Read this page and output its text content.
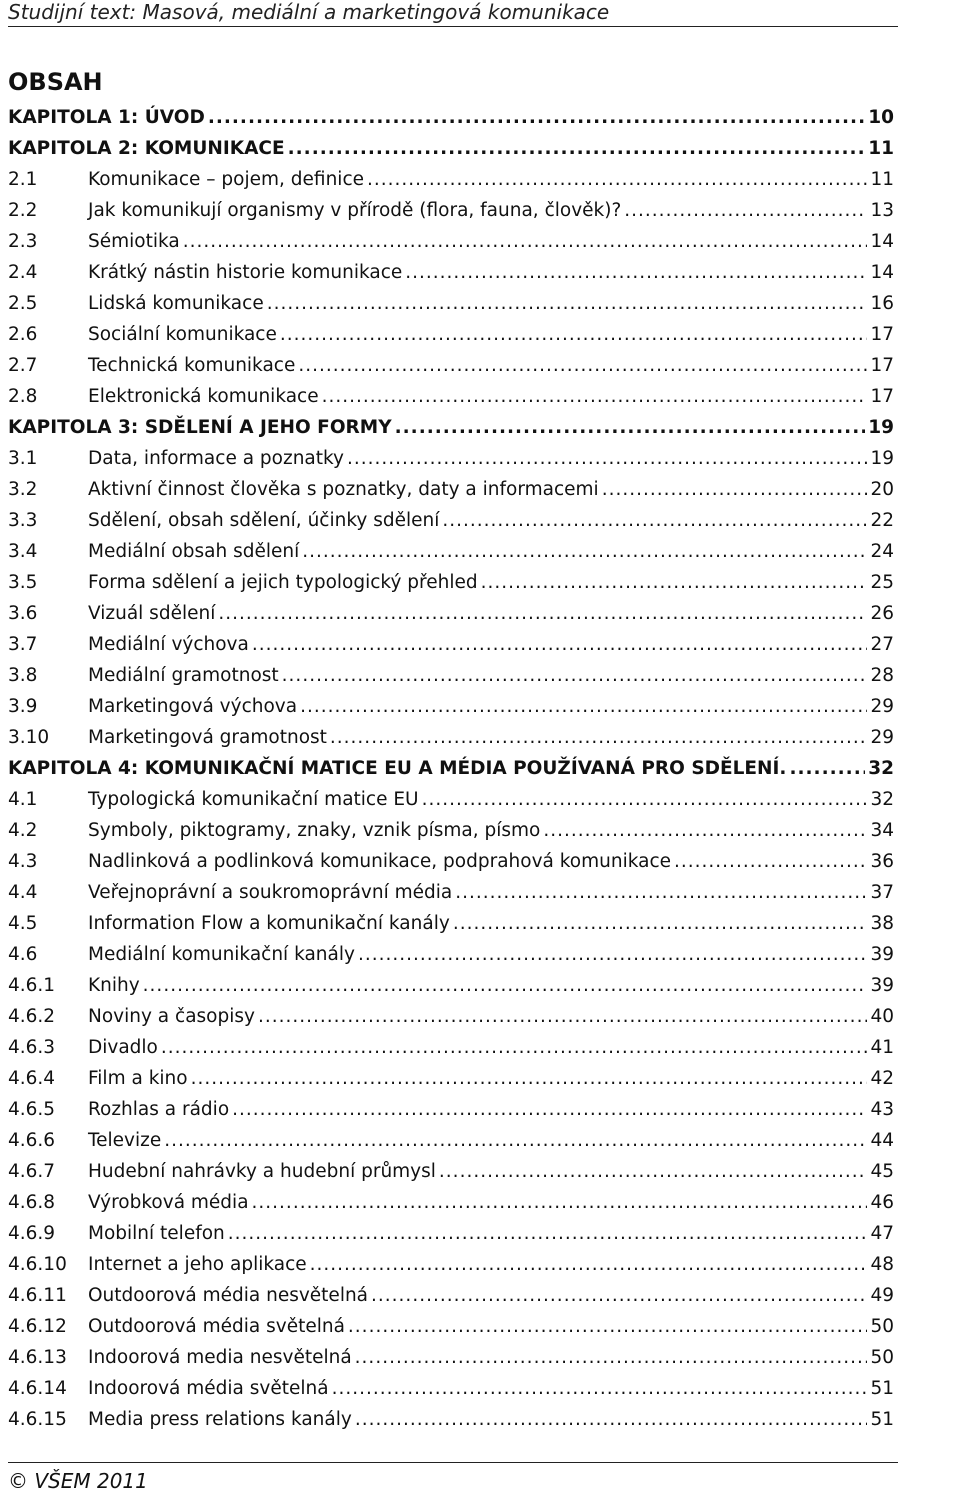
Studijní text: Masová, mediální a marketingová komunikace
OBSAH
KAPITOLA 1: ÚVOD .....	10
KAPITOLA 2: KOMUNIKACE .....	11
2.1	Komunikace – pojem, definice .....	11
2.2	Jak komunikují organismy v přírodě (flora, fauna, člověk)? .....	13
2.3	Sémiotika .....	14
2.4	Krátký nástin historie komunikace .....	14
2.5	Lidská komunikace .....	16
2.6	Sociální komunikace .....	17
2.7	Technická komunikace .....	17
2.8	Elektronická komunikace .....	17
KAPITOLA 3: SDĚLENÍ A JEHO FORMY .....	19
3.1	Data, informace a poznatky .....	19
3.2	Aktivní činnost člověka s poznatky, daty a informacemi .....	20
3.3	Sdělení, obsah sdělení, účinky sdělení .....	22
3.4	Mediální obsah sdělení .....	24
3.5	Forma sdělení a jejich typologický přehled .....	25
3.6	Vizuál sdělení .....	26
3.7	Mediální výchova .....	27
3.8	Mediální gramotnost .....	28
3.9	Marketingová výchova .....	29
3.10	Marketingová gramotnost .....	29
KAPITOLA 4: KOMUNIKAČNÍ MATICE EU A MÉDIA POUŽÍVANÁ PRO SDĚLENÍ. .....	32
4.1	Typologická komunikační matice EU .....	32
4.2	Symboly, piktogramy, znaky, vznik písma, písmo .....	34
4.3	Nadlinková a podlinková komunikace, podprahová komunikace .....	36
4.4	Veřejnoprávní a soukromoprávní média .....	37
4.5	Information Flow a komunikační kanály .....	38
4.6	Mediální komunikační kanály .....	39
4.6.1	Knihy .....	39
4.6.2	Noviny a časopisy .....	40
4.6.3	Divadlo .....	41
4.6.4	Film a kino .....	42
4.6.5	Rozhlas a rádio .....	43
4.6.6	Televize .....	44
4.6.7	Hudební nahrávky a hudební průmysl .....	45
4.6.8	Výrobková média .....	46
4.6.9	Mobilní telefon .....	47
4.6.10	Internet a jeho aplikace .....	48
4.6.11	Outdoorová média nesvětelná .....	49
4.6.12	Outdoorová média světelná .....	50
4.6.13	Indoorová media nesvětelná .....	50
4.6.14	Indoorová média světelná .....	51
4.6.15	Media press relations kanály .....	51
© VŠEM 2011
